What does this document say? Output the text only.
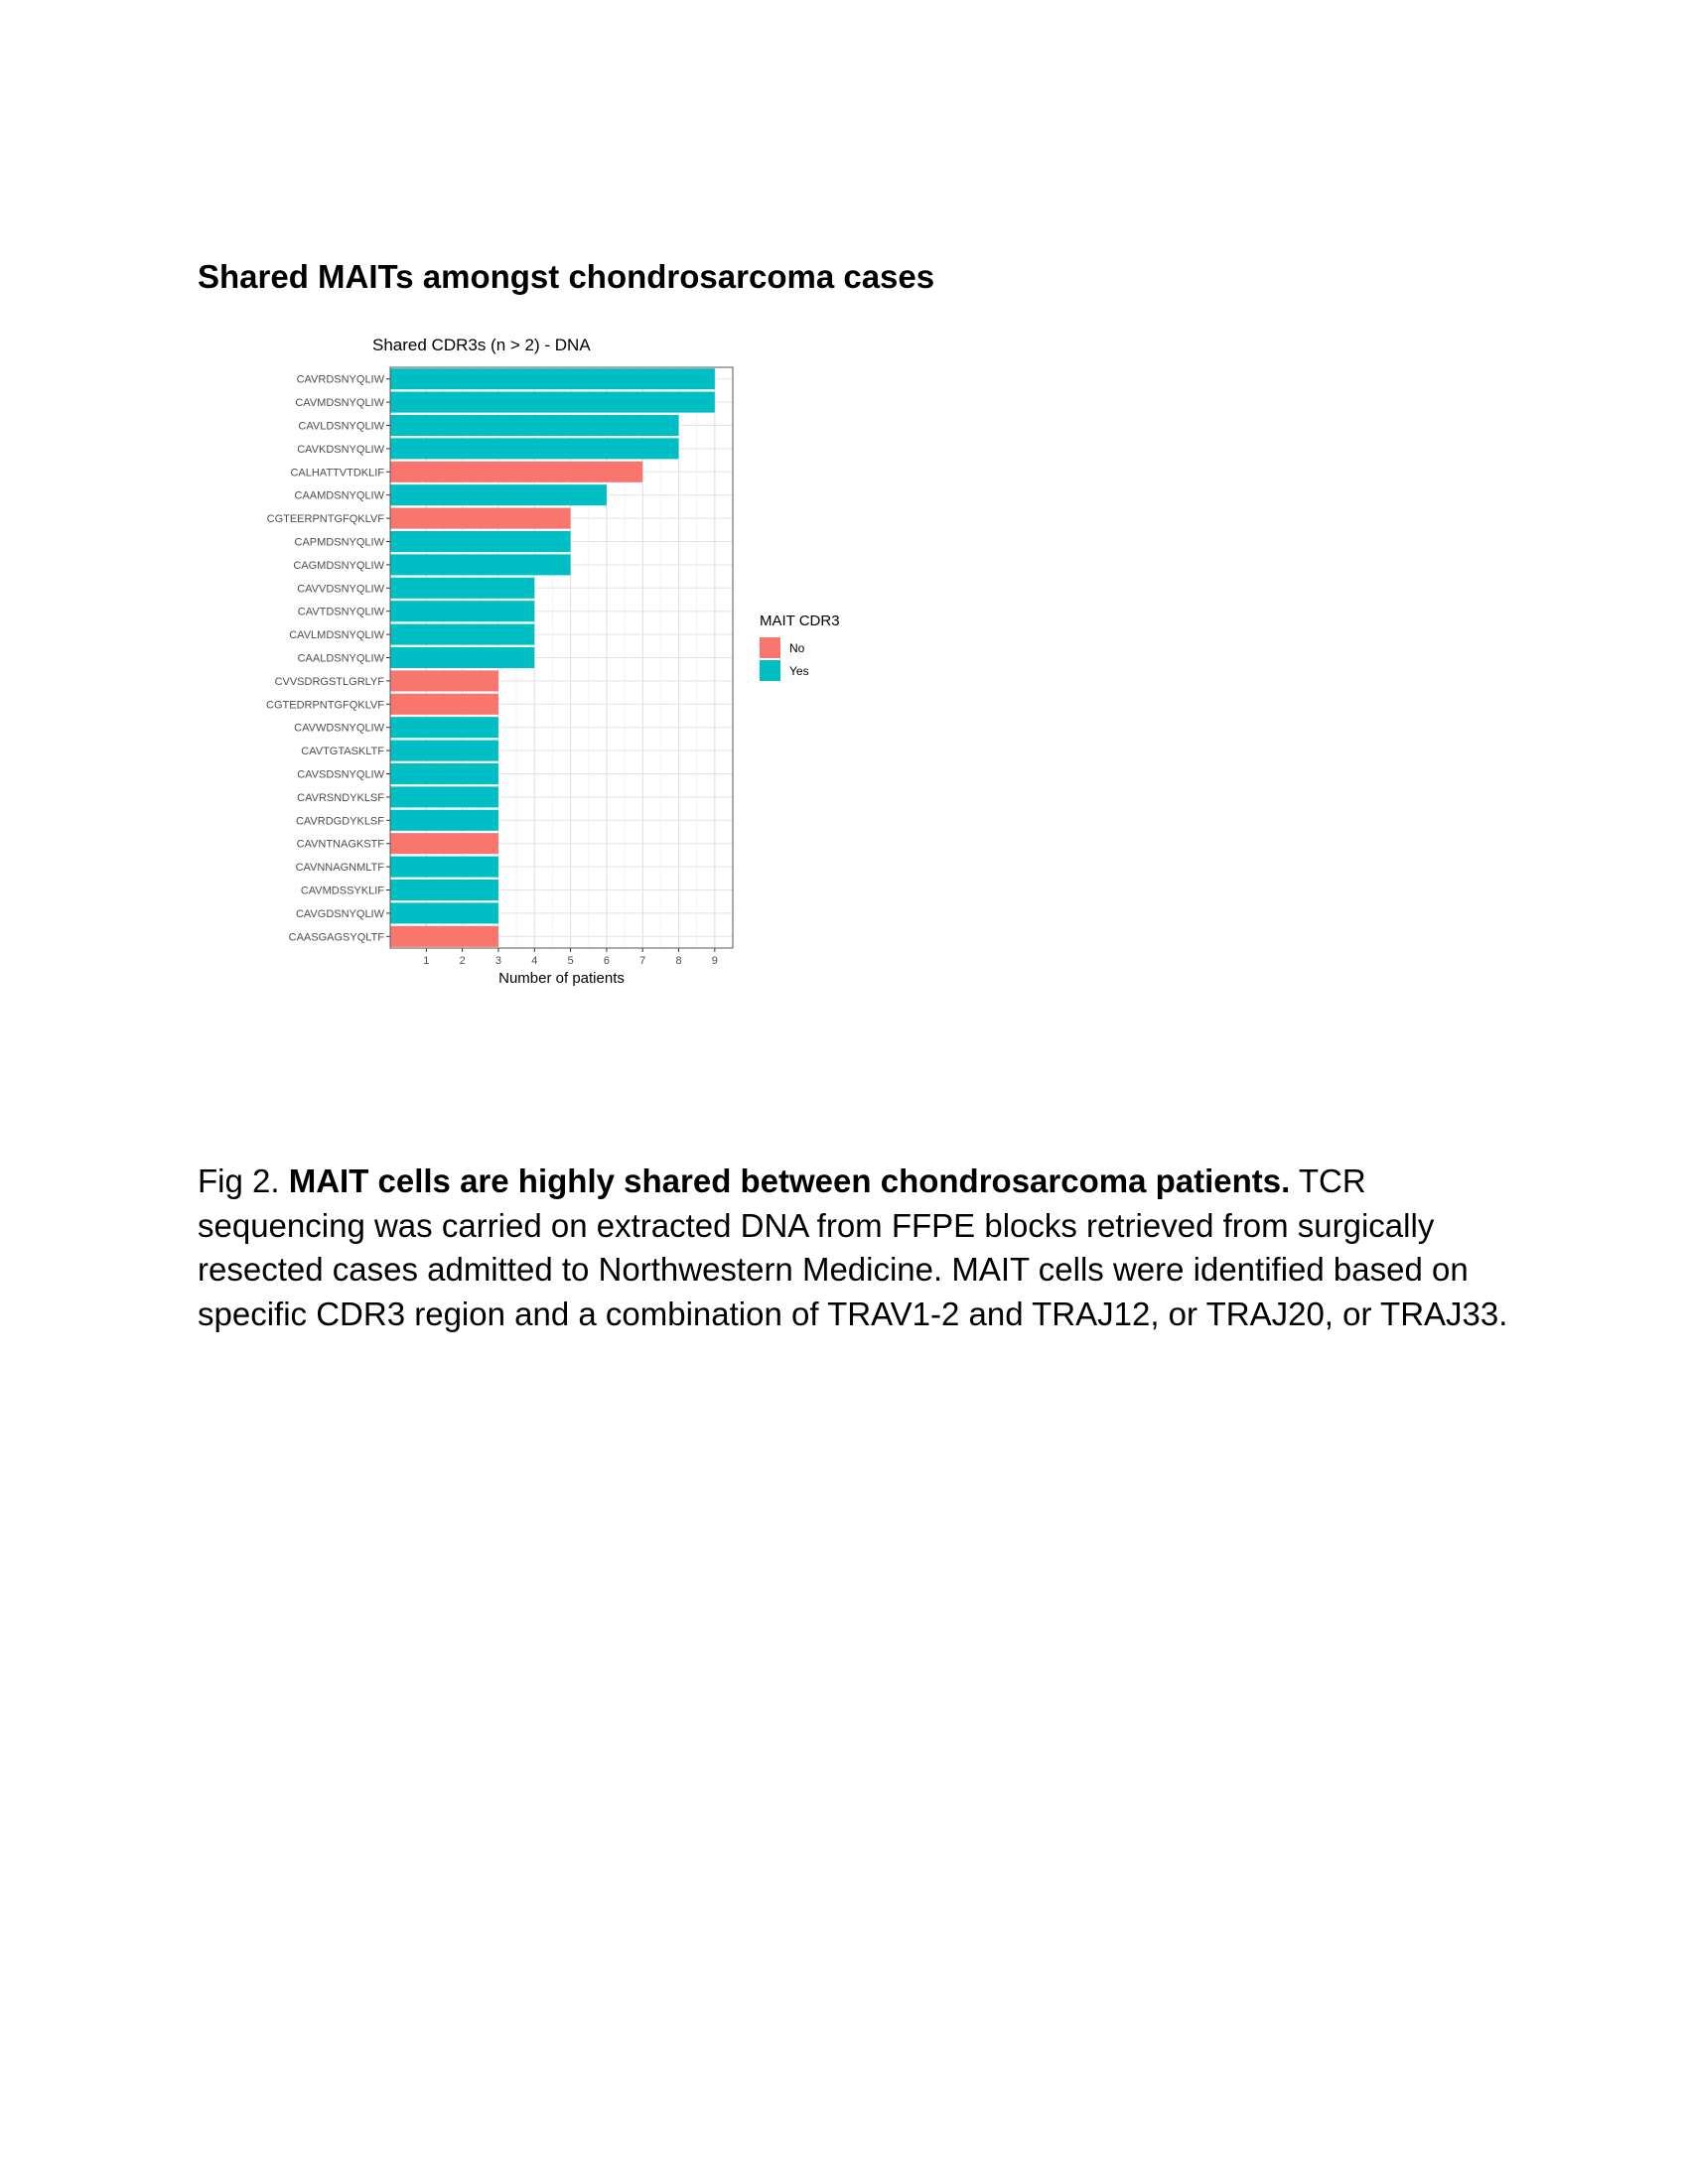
Shared MAITs amongst chondrosarcoma cases
Shared CDR3s (n > 2) - DNA
CAVRDSNYQLIW
CAVMDSNYQLIW
CAVLDSNYQLIW
CAVKDSNYQLIW
CALHATTVTDKLIF
CAAMDSNYQLIW
CGTEERPNTGFQKLVF
CAPMDSNYQLIW
CAGMDSNYQLIW
CAVVDSNYQLIW
CAVTDSNYQLIW
CAVLMDSNYQLIW
CAALDSNYQLIW
CVVSDRGSTLGRLYF
CGTEDRPNTGFQKLVF
CAVWDSNYQLIW
CAVTGTASKLTF
CAVSDSNYQLIW
CAVRSNDYKLSF
CAVRDGDYKLSF
CAVNTNAGKSTF
CAVNNAGNMLTF
CAVMDSSYKLIF
CAVGDSNYQLIW
CAASGAGSYQLTF
1	2	3	4	5	6	7	8	9
Number of patients
MAIT CDR3
No
Yes
Fig 2. MAIT cells are highly shared between chondrosarcoma patients. TCR sequencing was carried on extracted DNA from FFPE blocks retrieved from surgically resected cases admitted to Northwestern Medicine. MAIT cells were identified based on specific CDR3 region and a combination of TRAV1-2 and TRAJ12, or TRAJ20, or TRAJ33.
